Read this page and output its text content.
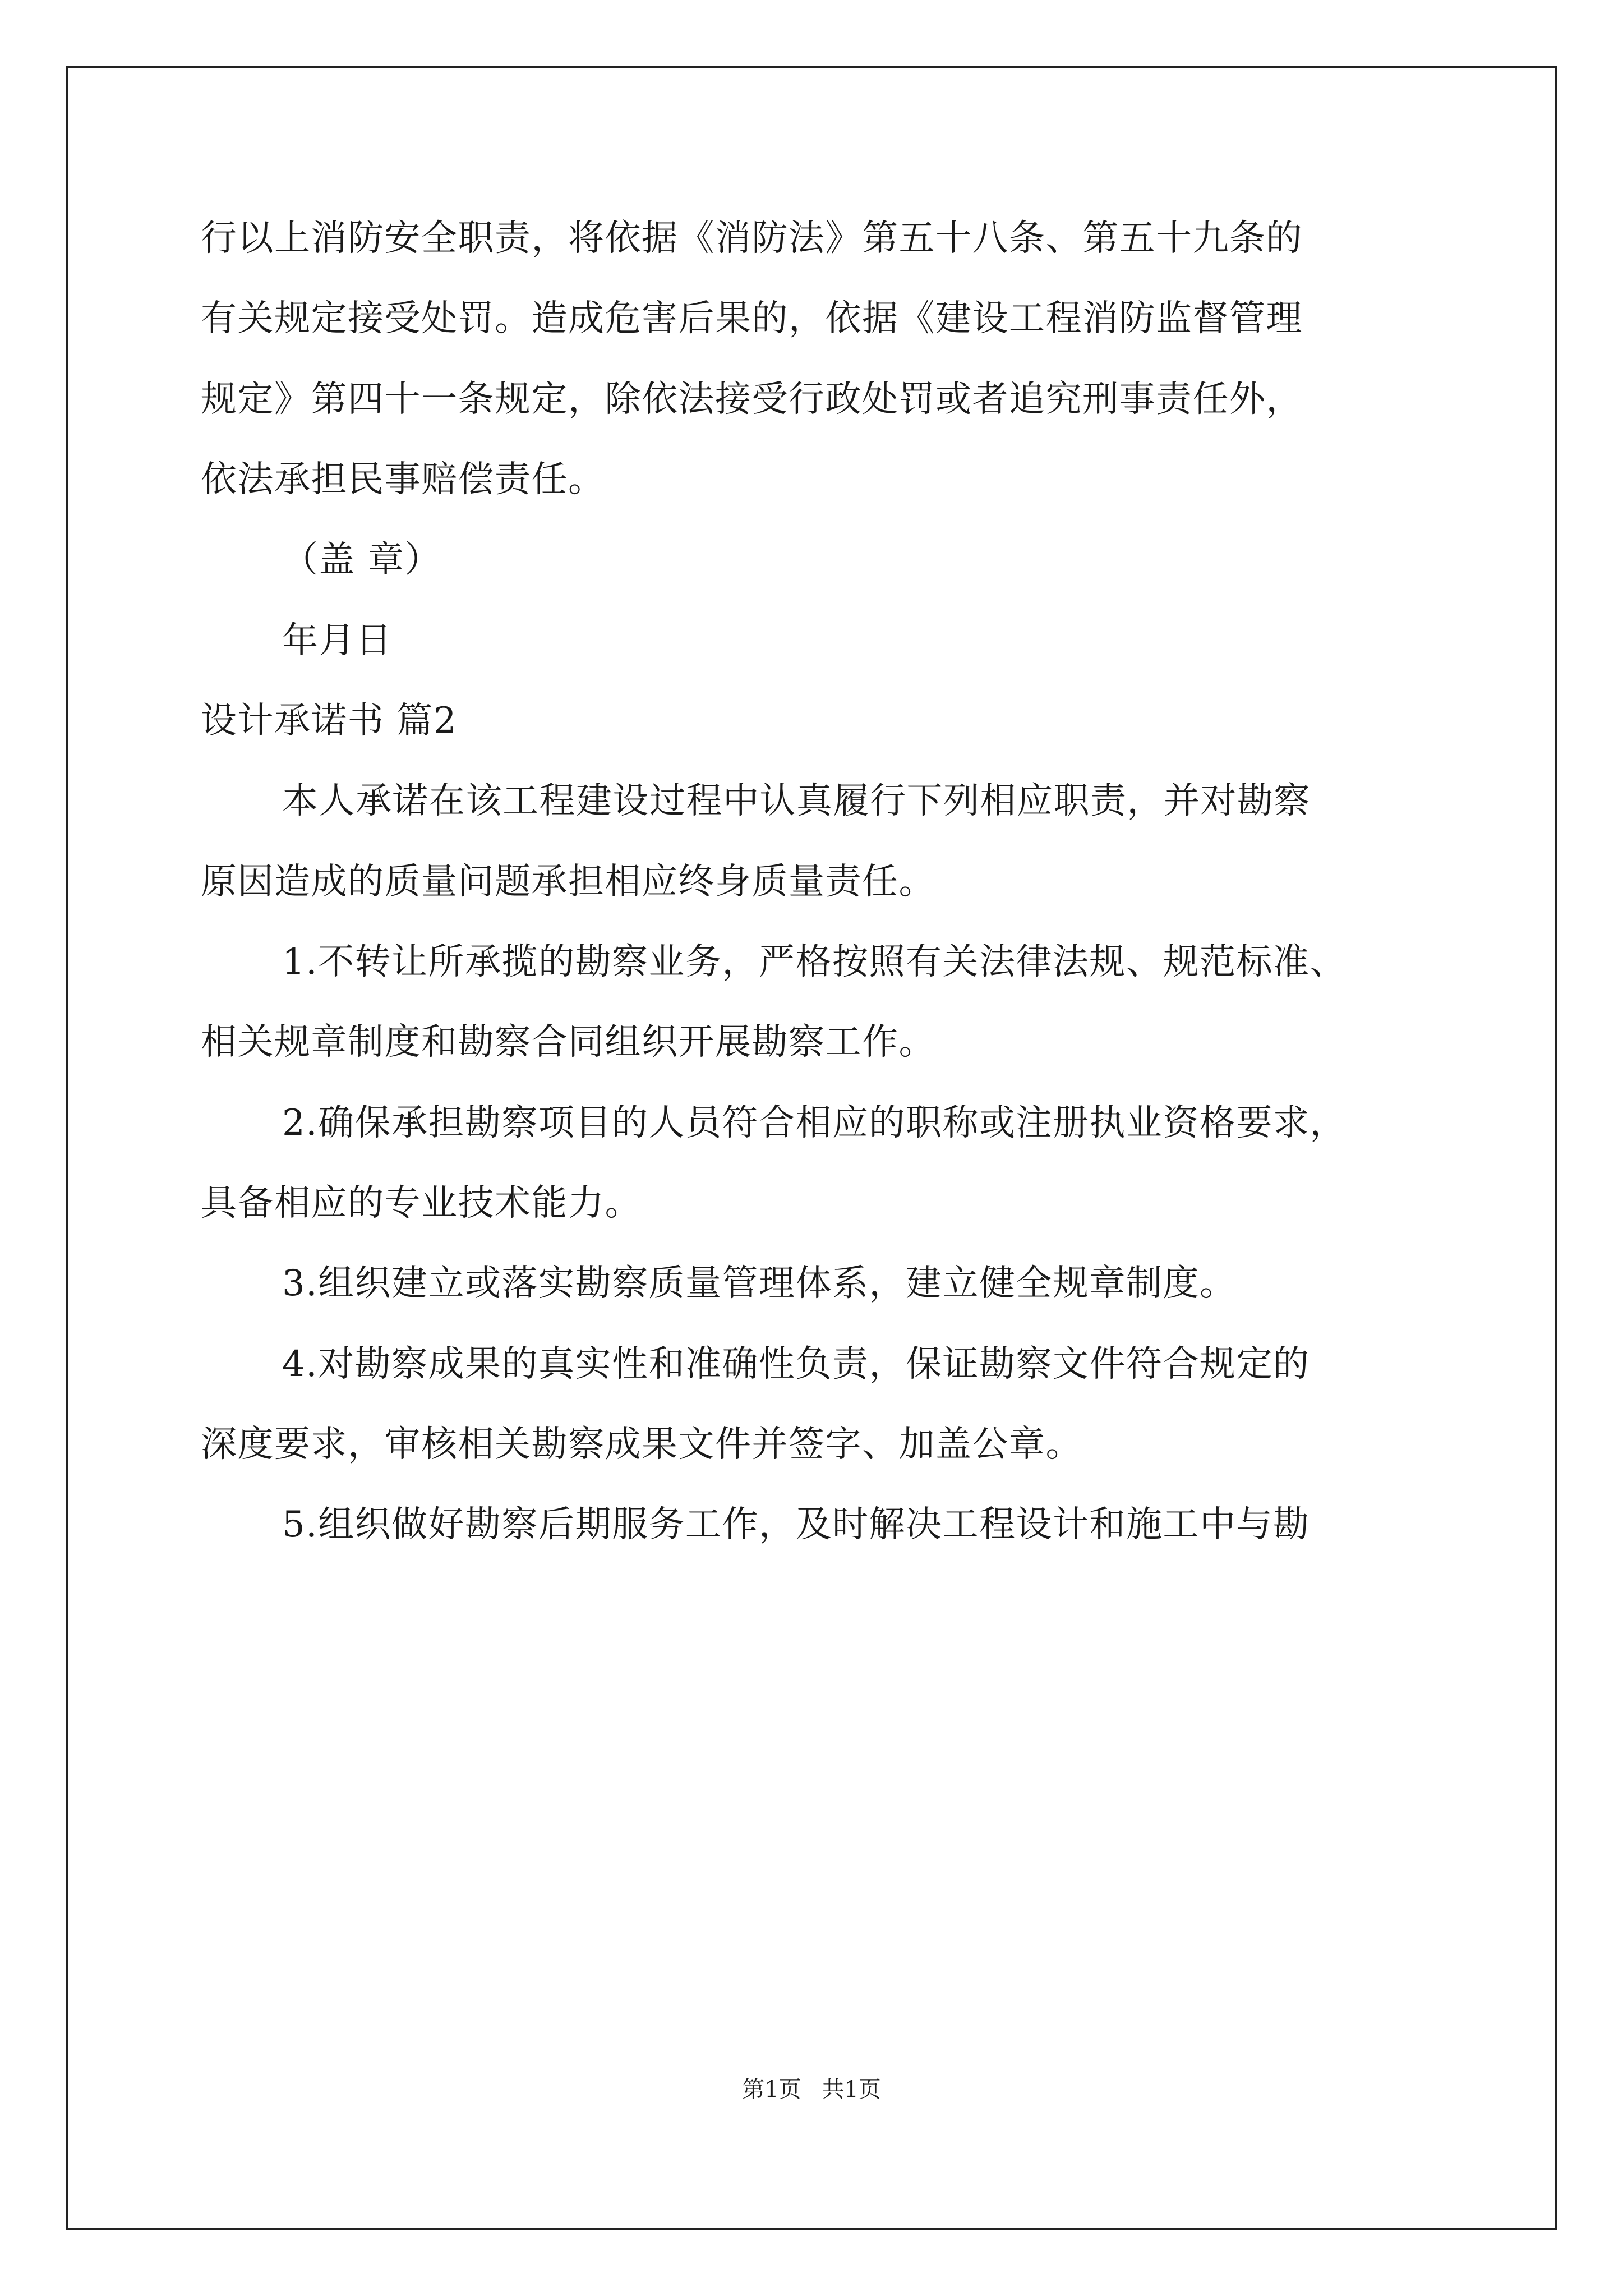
行以上消防安全职责，将依据《消防法》第五十八条、第五十九条的
有关规定接受处罚。造成危害后果的，依据《建设工程消防监督管理
规定》第四十一条规定，除依法接受行政处罚或者追究刑事责任外，
依法承担民事赔偿责任。
（盖 章）
年月日
设计承诺书 篇2
本人承诺在该工程建设过程中认真履行下列相应职责，并对勘察
原因造成的质量问题承担相应终身质量责任。
1.不转让所承揽的勘察业务，严格按照有关法律法规、规范标准、
相关规章制度和勘察合同组织开展勘察工作。
2.确保承担勘察项目的人员符合相应的职称或注册执业资格要求，
具备相应的专业技术能力。
3.组织建立或落实勘察质量管理体系，建立健全规章制度。
4.对勘察成果的真实性和准确性负责，保证勘察文件符合规定的
深度要求，审核相关勘察成果文件并签字、加盖公章。
5.组织做好勘察后期服务工作，及时解决工程设计和施工中与勘
第1页 共1页
